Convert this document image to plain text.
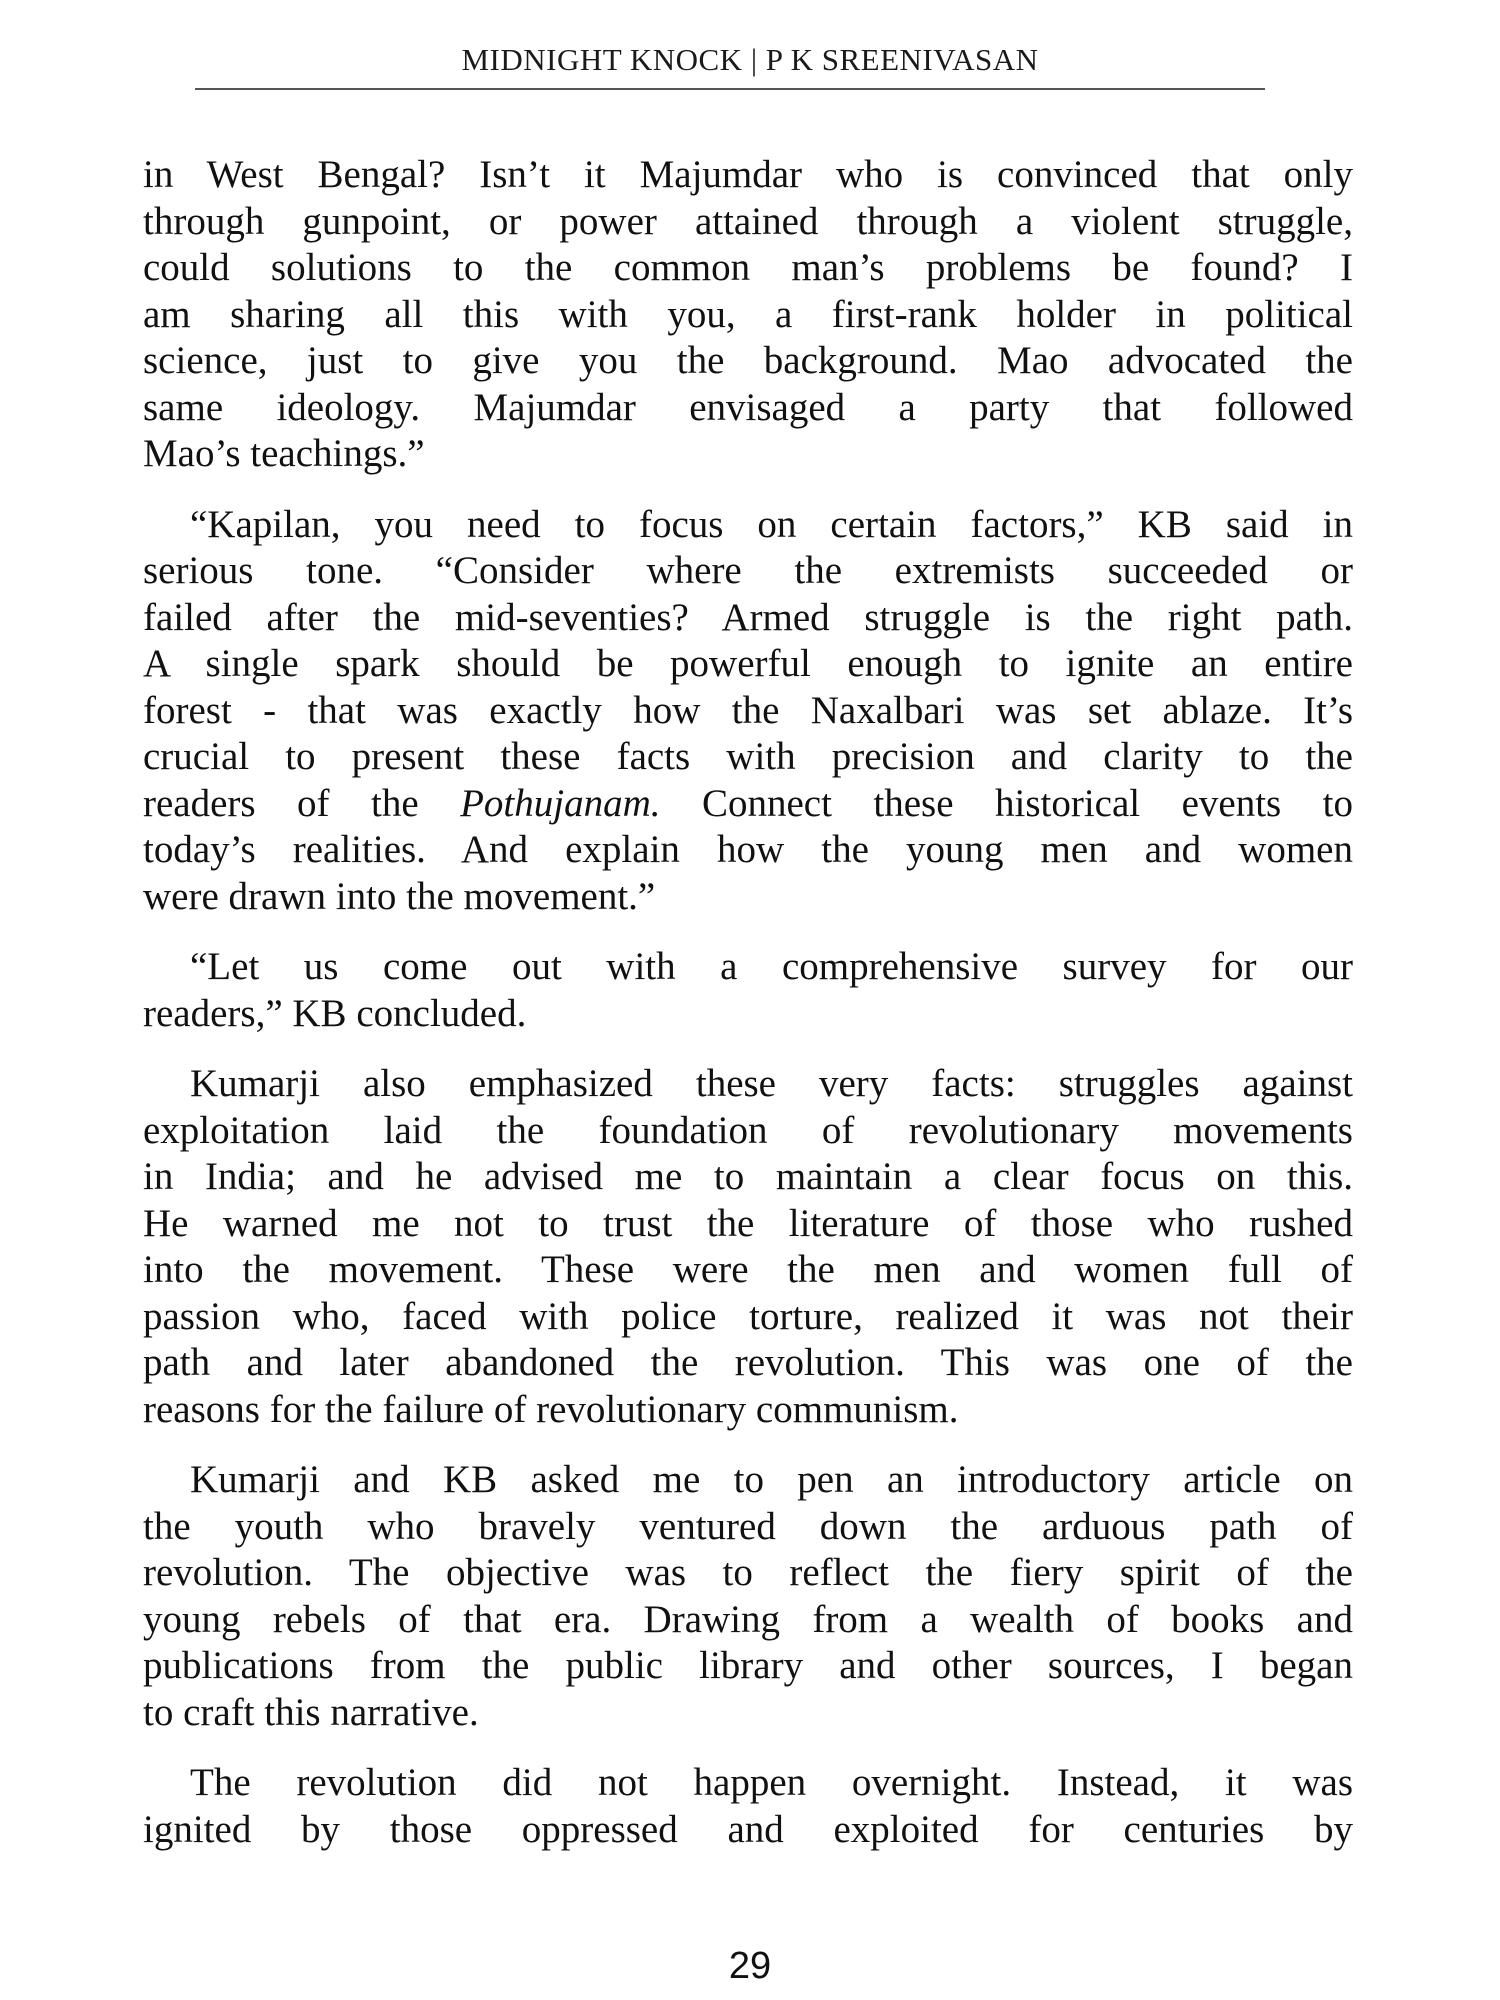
MIDNIGHT KNOCK | P K SREENIVASAN
in West Bengal? Isn’t it Majumdar who is convinced that only
through gunpoint, or power attained through a violent struggle,
could solutions to the common man’s problems be found? I
am sharing all this with you, a first-rank holder in political
science, just to give you the background. Mao advocated the
same ideology. Majumdar envisaged a party that followed
Mao’s teachings.”
“Kapilan, you need to focus on certain factors,” KB said in
serious tone. “Consider where the extremists succeeded or
failed after the mid-seventies? Armed struggle is the right path.
A single spark should be powerful enough to ignite an entire
forest - that was exactly how the Naxalbari was set ablaze. It’s
crucial to present these facts with precision and clarity to the
readers of the Pothujanam. Connect these historical events to
today’s realities. And explain how the young men and women
were drawn into the movement.”
“Let us come out with a comprehensive survey for our
readers,” KB concluded.
Kumarji also emphasized these very facts: struggles against
exploitation laid the foundation of revolutionary movements
in India; and he advised me to maintain a clear focus on this.
He warned me not to trust the literature of those who rushed
into the movement. These were the men and women full of
passion who, faced with police torture, realized it was not their
path and later abandoned the revolution. This was one of the
reasons for the failure of revolutionary communism.
Kumarji and KB asked me to pen an introductory article on
the youth who bravely ventured down the arduous path of
revolution. The objective was to reflect the fiery spirit of the
young rebels of that era. Drawing from a wealth of books and
publications from the public library and other sources, I began
to craft this narrative.
The revolution did not happen overnight. Instead, it was
ignited by those oppressed and exploited for centuries by
29
